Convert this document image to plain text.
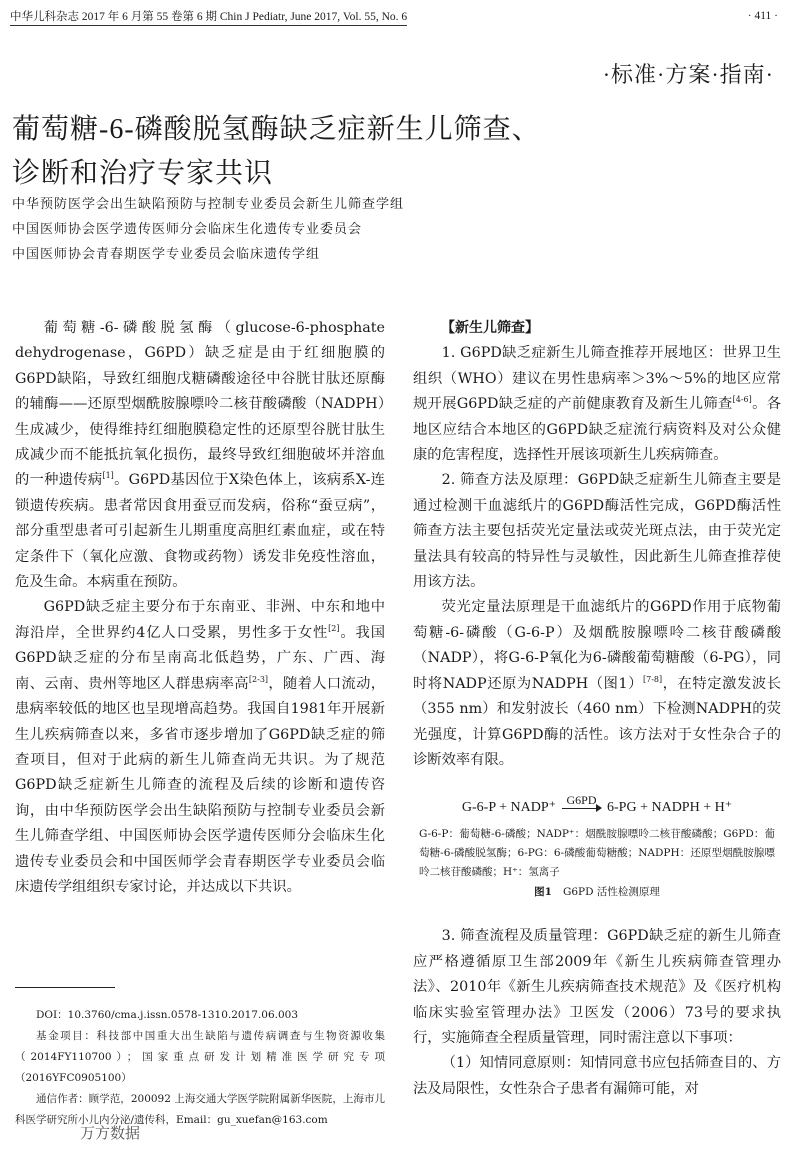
中华儿科杂志 2017 年 6 月第 55 卷第 6 期 Chin J Pediatr, June 2017, Vol. 55, No. 6	· 411 ·
·标准·方案·指南·
葡萄糖-6-磷酸脱氢酶缺乏症新生儿筛查、
诊断和治疗专家共识
中华预防医学会出生缺陷预防与控制专业委员会新生儿筛查学组
中国医师协会医学遗传医师分会临床生化遗传专业委员会
中国医师协会青春期医学专业委员会临床遗传学组

葡萄糖-6-磷酸脱氢酶（glucose-6-phosphate dehydrogenase，G6PD）缺乏症是由于红细胞膜的G6PD缺陷，导致红细胞戊糖磷酸途径中谷胱甘肽还原酶的辅酶——还原型烟酰胺腺嘌呤二核苷酸磷酸（NADPH）生成减少，使得维持红细胞膜稳定性的还原型谷胱甘肽生成减少而不能抵抗氧化损伤，最终导致红细胞破坏并溶血的一种遗传病[1]。G6PD基因位于X染色体上，该病系X-连锁遗传疾病。患者常因食用蚕豆而发病，俗称“蚕豆病”，部分重型患者可引起新生儿期重度高胆红素血症，或在特定条件下（氧化应激、食物或药物）诱发非免疫性溶血，危及生命。本病重在预防。

G6PD缺乏症主要分布于东南亚、非洲、中东和地中海沿岸，全世界约4亿人口受累，男性多于女性[2]。我国G6PD缺乏症的分布呈南高北低趋势，广东、广西、海南、云南、贵州等地区人群患病率高[2-3]，随着人口流动，患病率较低的地区也呈现增高趋势。我国自1981年开展新生儿疾病筛查以来，多省市逐步增加了G6PD缺乏症的筛查项目，但对于此病的新生儿筛查尚无共识。为了规范G6PD缺乏症新生儿筛查的流程及后续的诊断和遗传咨询，由中华预防医学会出生缺陷预防与控制专业委员会新生儿筛查学组、中国医师协会医学遗传医师分会临床生化遗传专业委员会和中国医师学会青春期医学专业委员会临床遗传学组组织专家讨论，并达成以下共识。

DOI：10.3760/cma.j.issn.0578-1310.2017.06.003

基金项目：科技部中国重大出生缺陷与遗传病调查与生物资源收集（2014FY110700）；国家重点研发计划精准医学研究专项（2016YFC0905100）

通信作者：顾学范，200092 上海交通大学医学院附属新华医院，上海市儿科医学研究所小儿内分泌/遗传科，Email：gu_xuefan@163.com

万方数据
【新生儿筛查】

1. G6PD缺乏症新生儿筛查推荐开展地区：世界卫生组织（WHO）建议在男性患病率＞3%～5%的地区应常规开展G6PD缺乏症的产前健康教育及新生儿筛查[4-6]。各地区应结合本地区的G6PD缺乏症流行病资料及对公众健康的危害程度，选择性开展该项新生儿疾病筛查。

2. 筛查方法及原理：G6PD缺乏症新生儿筛查主要是通过检测干血滤纸片的G6PD酶活性完成，G6PD酶活性筛查方法主要包括荧光定量法或荧光斑点法，由于荧光定量法具有较高的特异性与灵敏性，因此新生儿筛查推荐使用该方法。

荧光定量法原理是干血滤纸片的G6PD作用于底物葡萄糖-6-磷酸（G-6-P）及烟酰胺腺嘌呤二核苷酸磷酸（NADP），将G-6-P氧化为6-磷酸葡萄糖酸（6-PG），同时将NADP还原为NADPH（图1）[7-8]，在特定激发波长（355 nm）和发射波长（460 nm）下检测NADPH的荧光强度，计算G6PD酶的活性。该方法对于女性杂合子的诊断效率有限。

G-6-P + NADP⁺ G6PD 6-PG + NADPH + H⁺
G-6-P：葡萄糖-6-磷酸；NADP⁺：烟酰胺腺嘌呤二核苷酸磷酸；G6PD：葡萄糖-6-磷酸脱氢酶；6-PG：6-磷酸葡萄糖酸；NADPH：还原型烟酰胺腺嘌呤二核苷酸磷酸；H⁺：氢离子
图1 G6PD 活性检测原理

3. 筛查流程及质量管理：G6PD缺乏症的新生儿筛查应严格遵循原卫生部2009年《新生儿疾病筛查管理办法》、2010年《新生儿疾病筛查技术规范》及《医疗机构临床实验室管理办法》卫医发（2006）73号的要求执行，实施筛查全程质量管理，同时需注意以下事项：

（1）知情同意原则：知情同意书应包括筛查目的、方法及局限性，女性杂合子患者有漏筛可能，对
